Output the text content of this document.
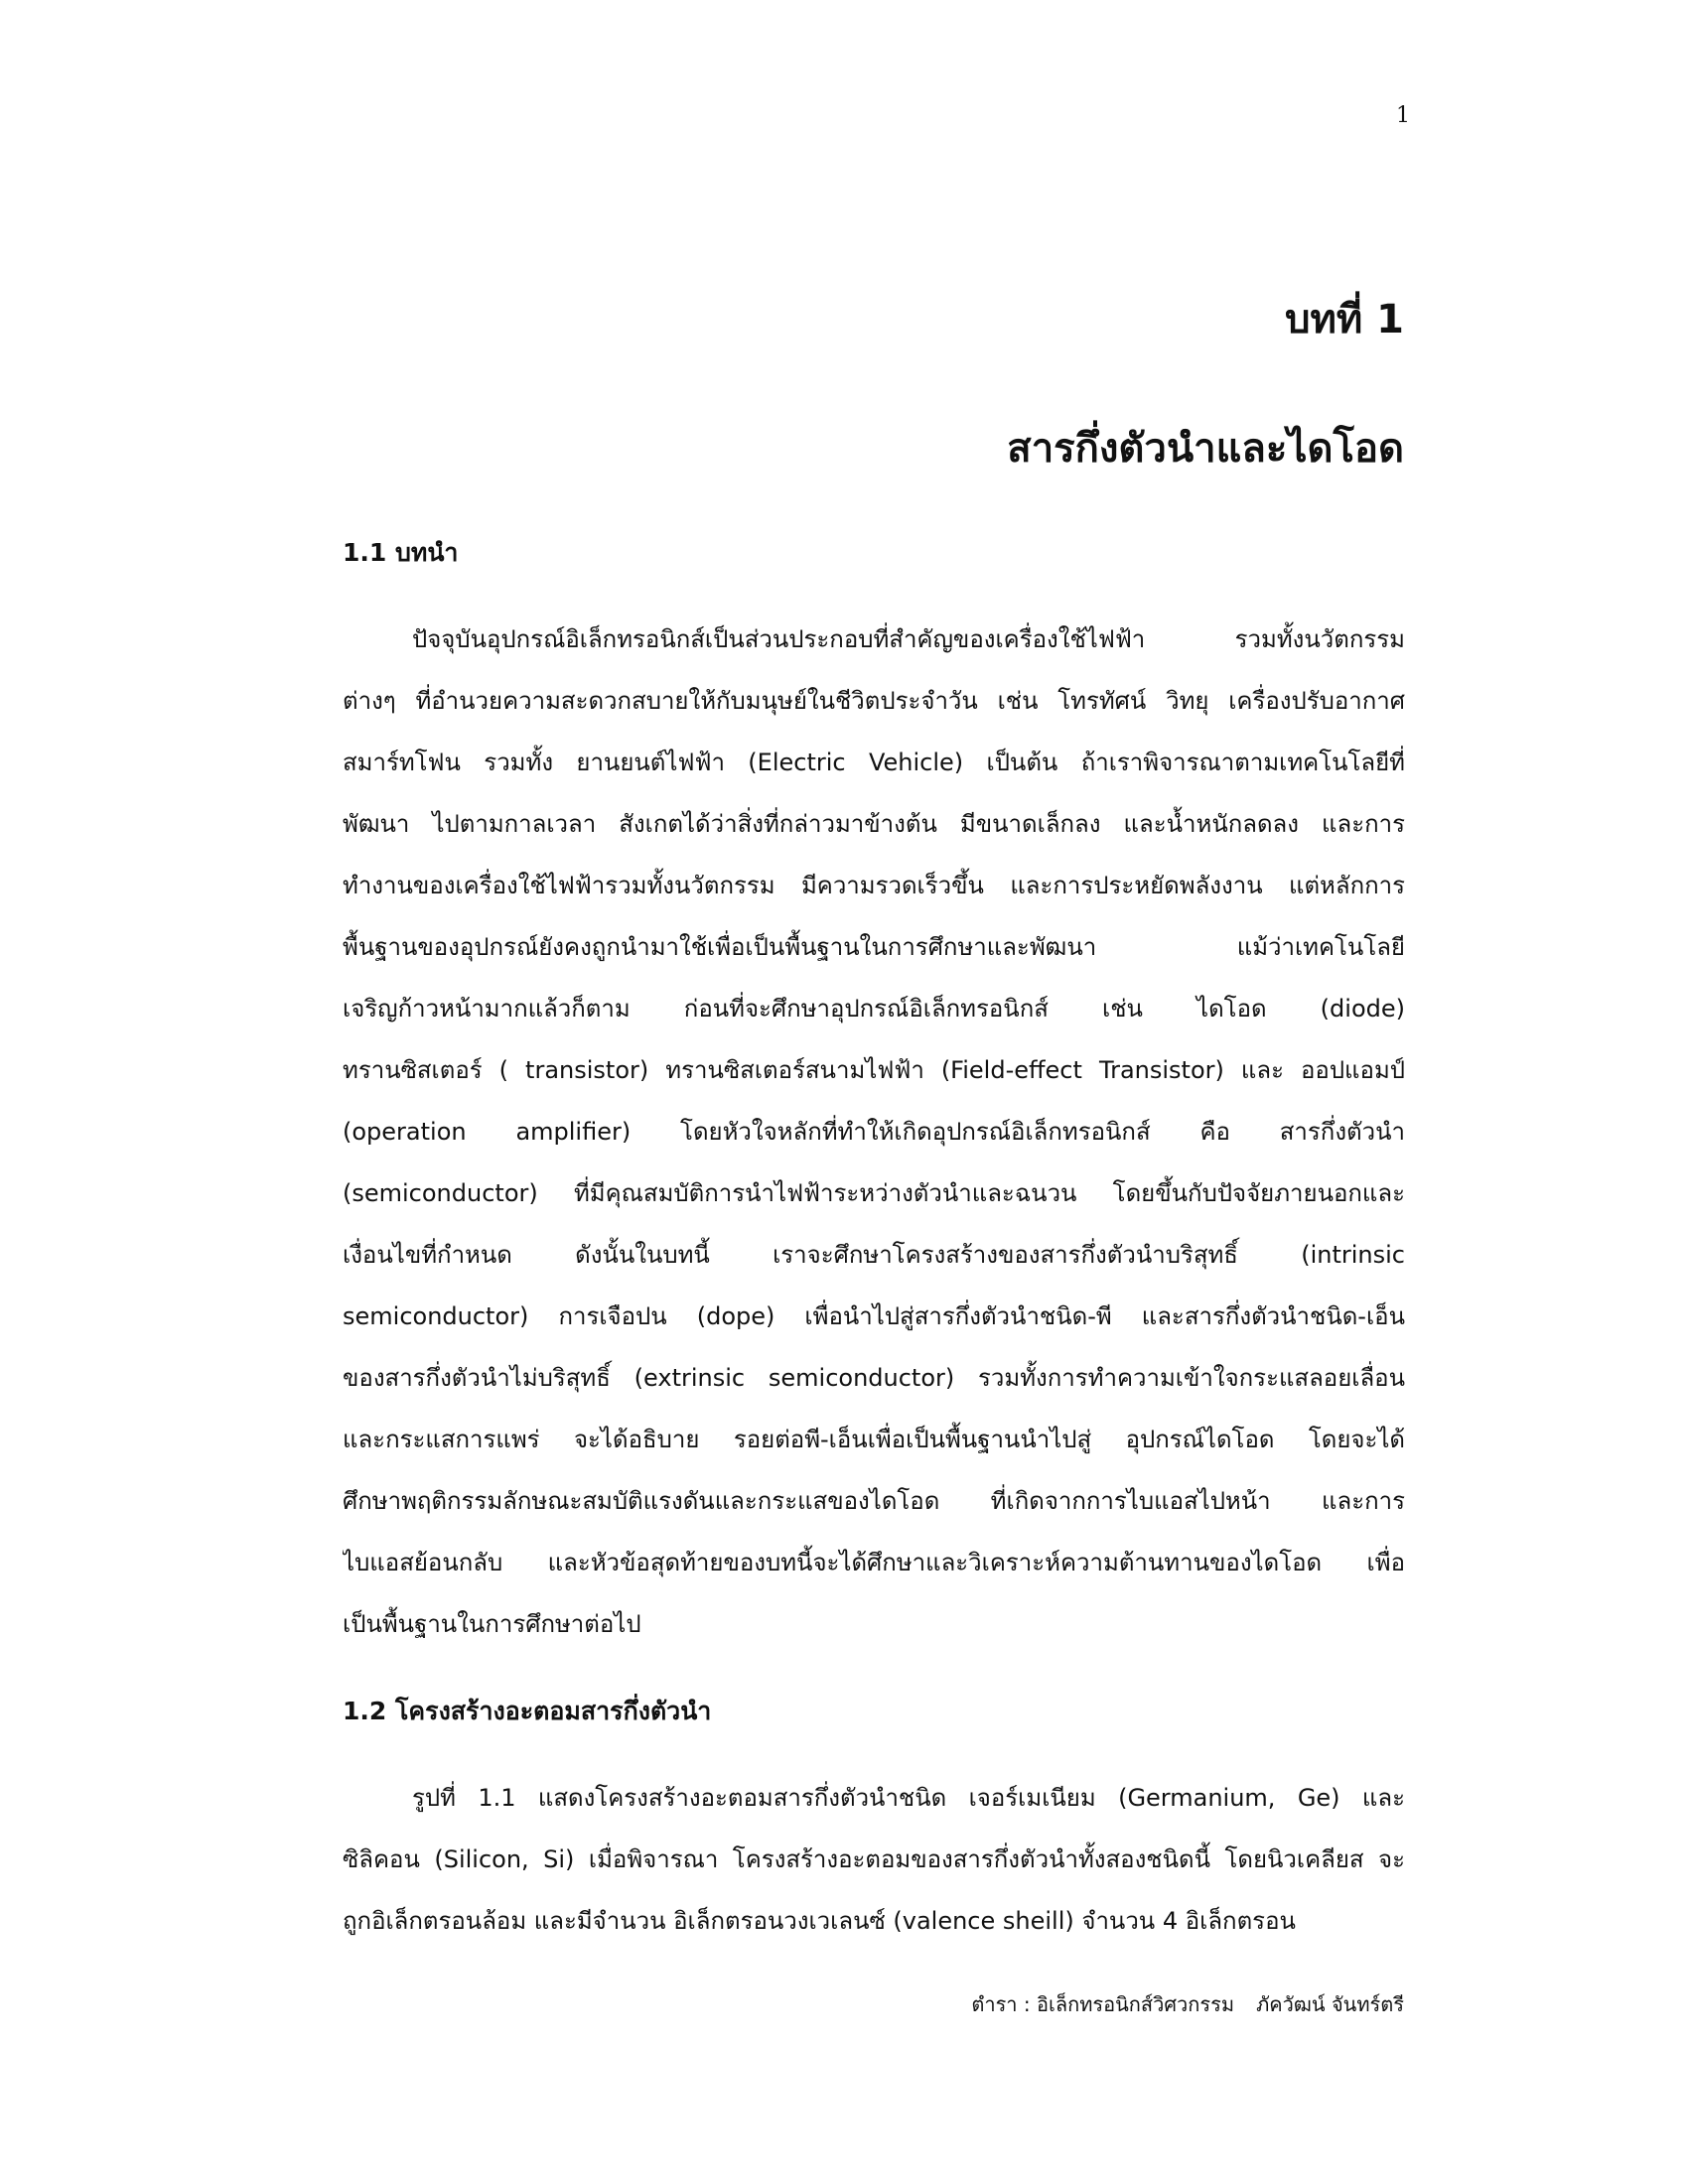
1
บทที่ 1
สารกึ่งตัวนำและไดโอด
1.1 บทนำ
ปัจจุบันอุปกรณ์อิเล็กทรอนิกส์เป็นส่วนประกอบที่สำคัญของเครื่องใช้ไฟฟ้า รวมทั้งนวัตกรรม
ต่างๆ ที่อำนวยความสะดวกสบายให้กับมนุษย์ในชีวิตประจำวัน เช่น โทรทัศน์ วิทยุ เครื่องปรับอากาศ
สมาร์ทโฟน รวมทั้ง ยานยนต์ไฟฟ้า (Electric Vehicle) เป็นต้น ถ้าเราพิจารณาตามเทคโนโลยีที่
พัฒนา ไปตามกาลเวลา สังเกตได้ว่าสิ่งที่กล่าวมาข้างต้น มีขนาดเล็กลง และน้ำหนักลดลง และการ
ทำงานของเครื่องใช้ไฟฟ้ารวมทั้งนวัตกรรม มีความรวดเร็วขึ้น และการประหยัดพลังงาน แต่หลักการ
พื้นฐานของอุปกรณ์ยังคงถูกนำมาใช้เพื่อเป็นพื้นฐานในการศึกษาและพัฒนา แม้ว่าเทคโนโลยี
เจริญก้าวหน้ามากแล้วก็ตาม ก่อนที่จะศึกษาอุปกรณ์อิเล็กทรอนิกส์ เช่น ไดโอด (diode)
ทรานซิสเตอร์ ( transistor) ทรานซิสเตอร์สนามไฟฟ้า (Field-effect Transistor) และ ออปแอมป์
(operation amplifier) โดยหัวใจหลักที่ทำให้เกิดอุปกรณ์อิเล็กทรอนิกส์ คือ สารกึ่งตัวนำ
(semiconductor) ที่มีคุณสมบัติการนำไฟฟ้าระหว่างตัวนำและฉนวน โดยขึ้นกับปัจจัยภายนอกและ
เงื่อนไขที่กำหนด ดังนั้นในบทนี้ เราจะศึกษาโครงสร้างของสารกึ่งตัวนำบริสุทธิ์ (intrinsic
semiconductor) การเจือปน (dope) เพื่อนำไปสู่สารกึ่งตัวนำชนิด-พี และสารกึ่งตัวนำชนิด-เอ็น
ของสารกึ่งตัวนำไม่บริสุทธิ์ (extrinsic semiconductor) รวมทั้งการทำความเข้าใจกระแสลอยเลื่อน
และกระแสการแพร่ จะได้อธิบาย รอยต่อพี-เอ็นเพื่อเป็นพื้นฐานนำไปสู่ อุปกรณ์ไดโอด โดยจะได้
ศึกษาพฤติกรรมลักษณะสมบัติแรงดันและกระแสของไดโอด ที่เกิดจากการไบแอสไปหน้า และการ
ไบแอสย้อนกลับ และหัวข้อสุดท้ายของบทนี้จะได้ศึกษาและวิเคราะห์ความต้านทานของไดโอด เพื่อ
เป็นพื้นฐานในการศึกษาต่อไป
1.2 โครงสร้างอะตอมสารกึ่งตัวนำ
รูปที่ 1.1 แสดงโครงสร้างอะตอมสารกึ่งตัวนำชนิด เจอร์เมเนียม (Germanium, Ge) และ
ซิลิคอน (Silicon, Si) เมื่อพิจารณา โครงสร้างอะตอมของสารกึ่งตัวนำทั้งสองชนิดนี้ โดยนิวเคลียส จะ
ถูกอิเล็กตรอนล้อม และมีจำนวน อิเล็กตรอนวงเวเลนซ์ (valence sheill) จำนวน 4 อิเล็กตรอน
ตำรา : อิเล็กทรอนิกส์วิศวกรรม ภัควัฒน์ จันทร์ตรี
